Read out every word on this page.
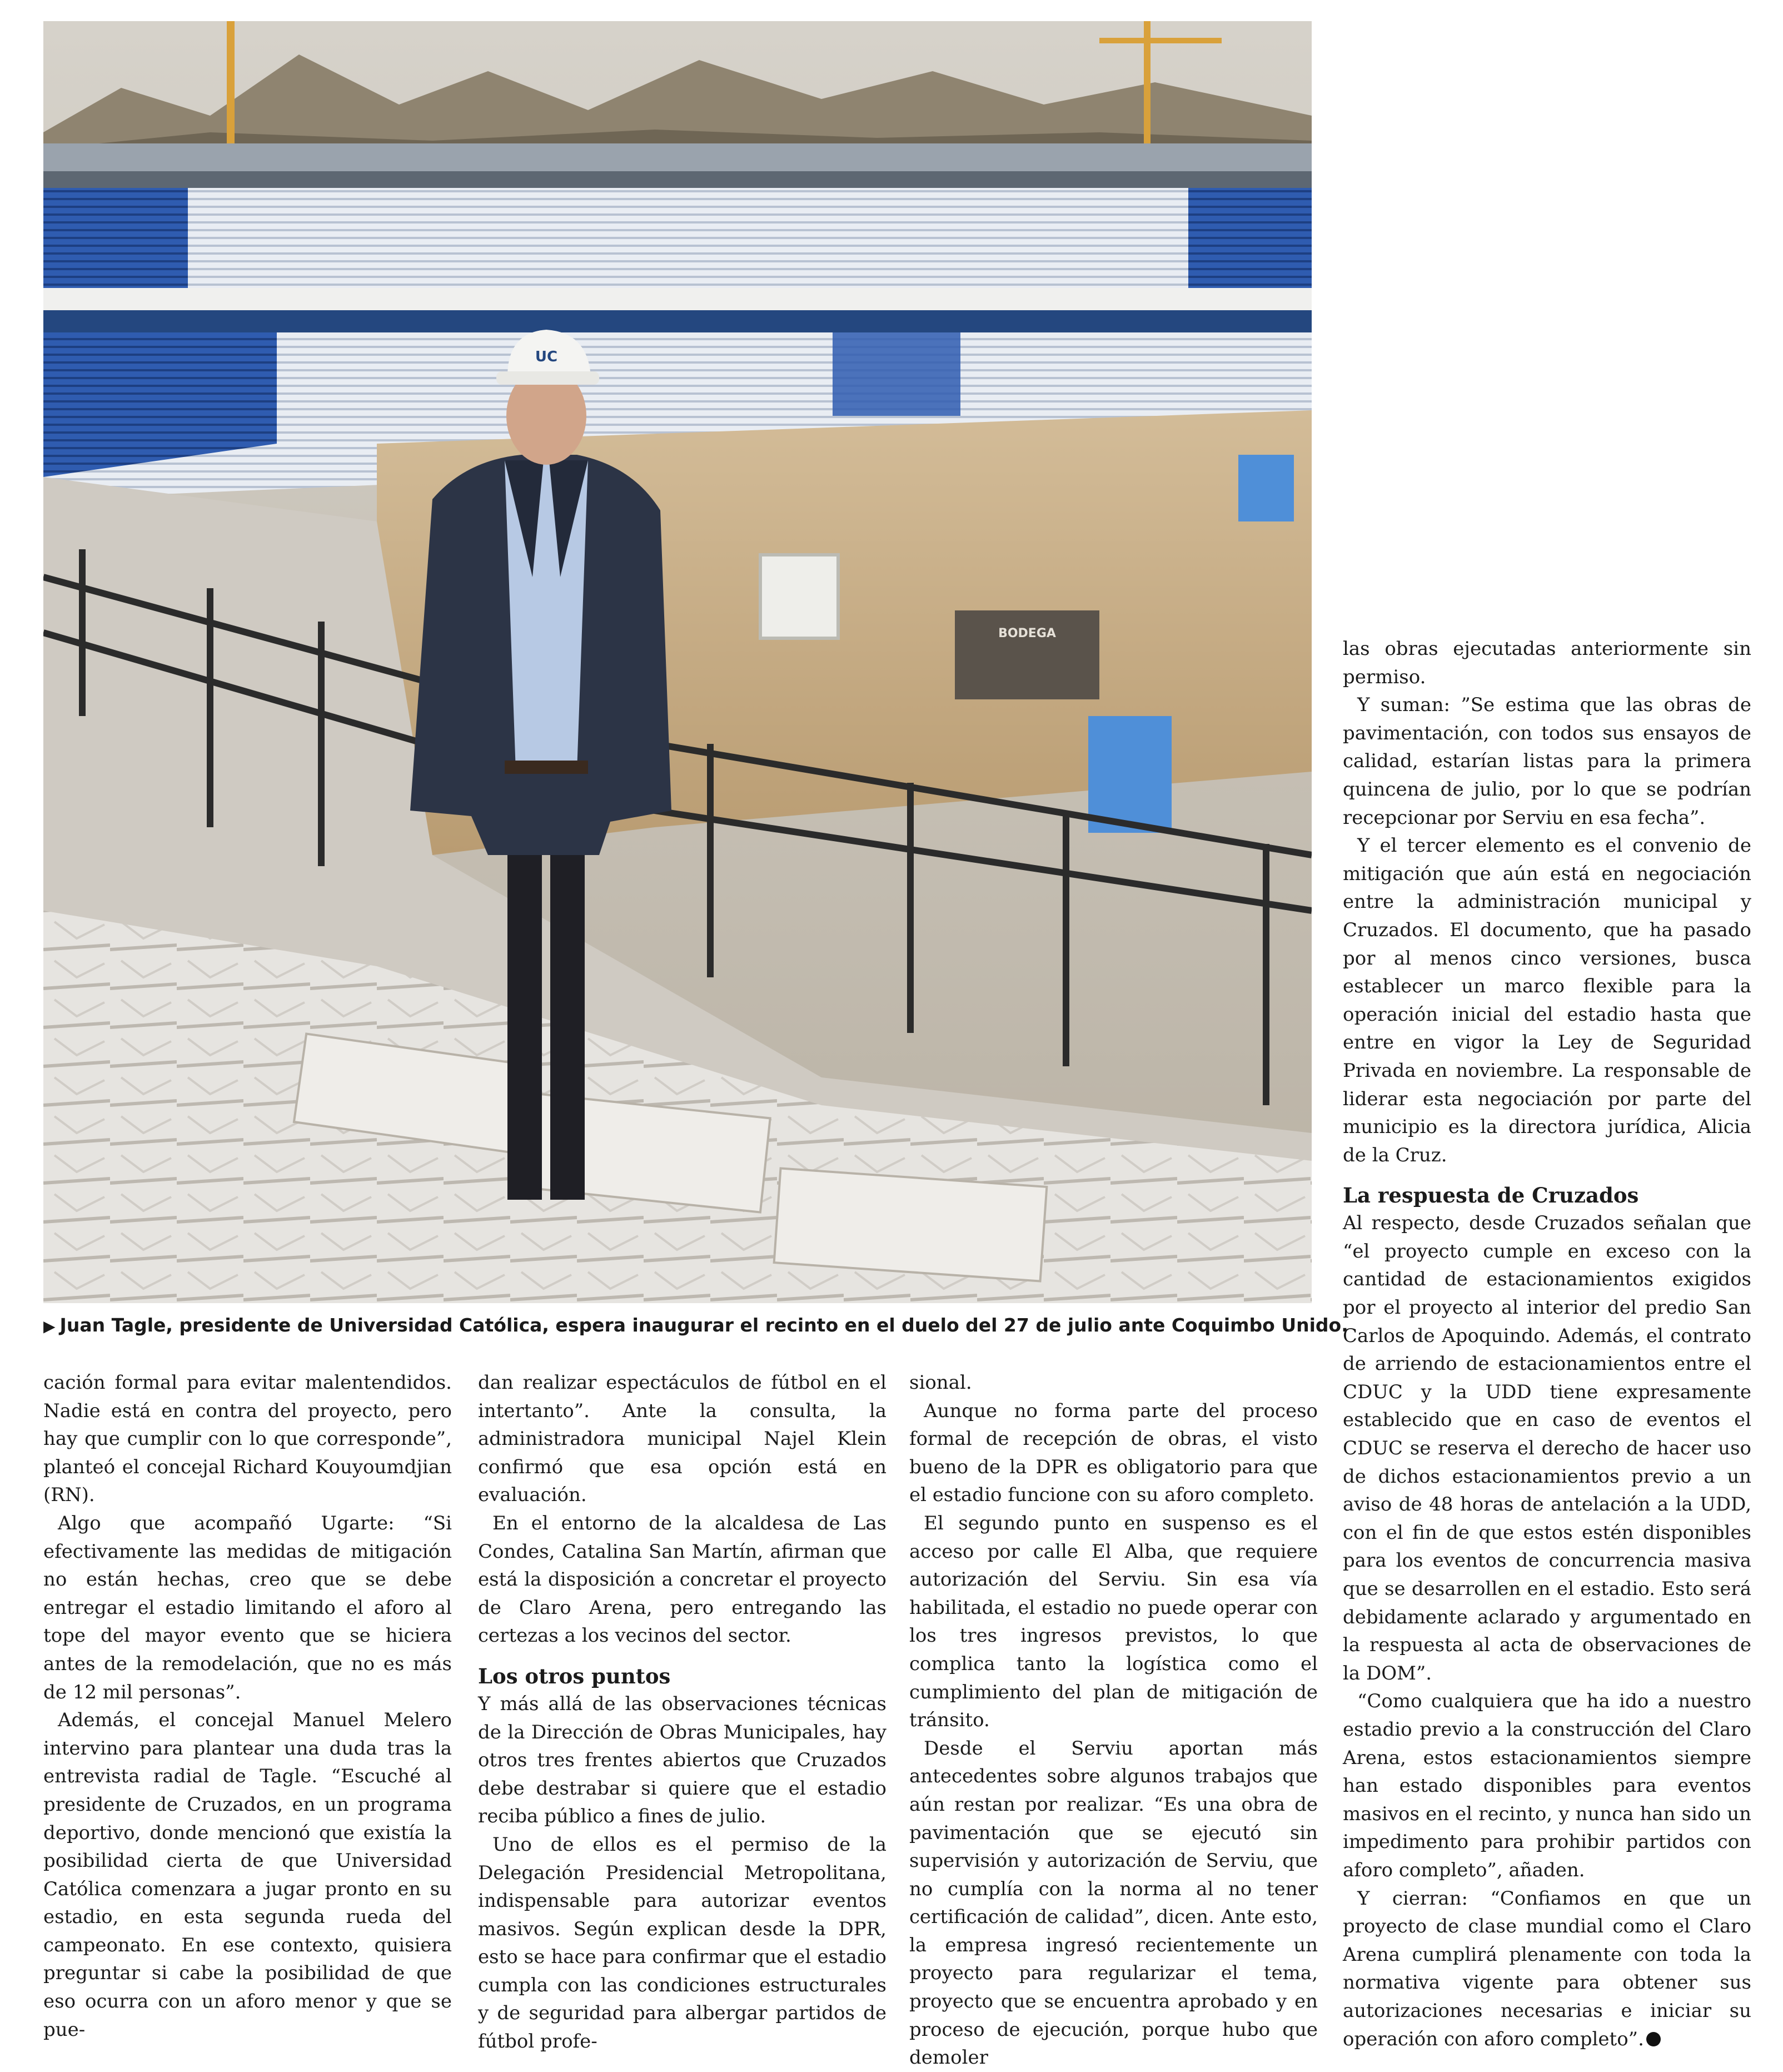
UC
BODEGA
▶ Juan Tagle, presidente de Universidad Católica, espera inaugurar el recinto en el duelo del 27 de julio ante Coquimbo Unido.

cación formal para evitar malentendidos. Nadie está en contra del proyecto, pero hay que cumplir con lo que corresponde”, planteó el concejal Richard Kouyoumdjian (RN).

Algo que acompañó Ugarte: “Si efectivamente las medidas de mitigación no están hechas, creo que se debe entregar el estadio limitando el aforo al tope del mayor evento que se hiciera antes de la remodelación, que no es más de 12 mil personas”.

Además, el concejal Manuel Melero intervino para plantear una duda tras la entrevista radial de Tagle. “Escuché al presidente de Cruzados, en un programa deportivo, donde mencionó que existía la posibilidad cierta de que Universidad Católica comenzara a jugar pronto en su estadio, en esta segunda rueda del campeonato. En ese contexto, quisiera preguntar si cabe la posibilidad de que eso ocurra con un aforo menor y que se pue-

dan realizar espectáculos de fútbol en el intertanto”. Ante la consulta, la administradora municipal Najel Klein confirmó que esa opción está en evaluación.

En el entorno de la alcaldesa de Las Condes, Catalina San Martín, afirman que está la disposición a concretar el proyecto de Claro Arena, pero entregando las certezas a los vecinos del sector.

Los otros puntos

Y más allá de las observaciones técnicas de la Dirección de Obras Municipales, hay otros tres frentes abiertos que Cruzados debe destrabar si quiere que el estadio reciba público a fines de julio.

Uno de ellos es el permiso de la Delegación Presidencial Metropolitana, indispensable para autorizar eventos masivos. Según explican desde la DPR, esto se hace para confirmar que el estadio cumpla con las condiciones estructurales y de seguridad para albergar partidos de fútbol profe-

sional.

Aunque no forma parte del proceso formal de recepción de obras, el visto bueno de la DPR es obligatorio para que el estadio funcione con su aforo completo.

El segundo punto en suspenso es el acceso por calle El Alba, que requiere autorización del Serviu. Sin esa vía habilitada, el estadio no puede operar con los tres ingresos previstos, lo que complica tanto la logística como el cumplimiento del plan de mitigación de tránsito.

Desde el Serviu aportan más antecedentes sobre algunos trabajos que aún restan por realizar. “Es una obra de pavimentación que se ejecutó sin supervisión y autorización de Serviu, que no cumplía con la norma al no tener certificación de calidad”, dicen. Ante esto, la empresa ingresó recientemente un proyecto para regularizar el tema, proyecto que se encuentra aprobado y en proceso de ejecución, porque hubo que demoler

las obras ejecutadas anteriormente sin permiso.

Y suman: ”Se estima que las obras de pavimentación, con todos sus ensayos de calidad, estarían listas para la primera quincena de julio, por lo que se podrían recepcionar por Serviu en esa fecha”.

Y el tercer elemento es el convenio de mitigación que aún está en negociación entre la administración municipal y Cruzados. El documento, que ha pasado por al menos cinco versiones, busca establecer un marco flexible para la operación inicial del estadio hasta que entre en vigor la Ley de Seguridad Privada en noviembre. La responsable de liderar esta negociación por parte del municipio es la directora jurídica, Alicia de la Cruz.

La respuesta de Cruzados

Al respecto, desde Cruzados señalan que “el proyecto cumple en exceso con la cantidad de estacionamientos exigidos por el proyecto al interior del predio San Carlos de Apoquindo. Además, el contrato de arriendo de estacionamientos entre el CDUC y la UDD tiene expresamente establecido que en caso de eventos el CDUC se reserva el derecho de hacer uso de dichos estacionamientos previo a un aviso de 48 horas de antelación a la UDD, con el fin de que estos estén disponibles para los eventos de concurrencia masiva que se desarrollen en el estadio. Esto será debidamente aclarado y argumentado en la respuesta al acta de observaciones de la DOM”.

“Como cualquiera que ha ido a nuestro estadio previo a la construcción del Claro Arena, estos estacionamientos siempre han estado disponibles para eventos masivos en el recinto, y nunca han sido un impedimento para prohibir partidos con aforo completo”, añaden.

Y cierran: “Confiamos en que un proyecto de clase mundial como el Claro Arena cumplirá plenamente con toda la normativa vigente para obtener sus autorizaciones necesarias e iniciar su operación con aforo completo”.
